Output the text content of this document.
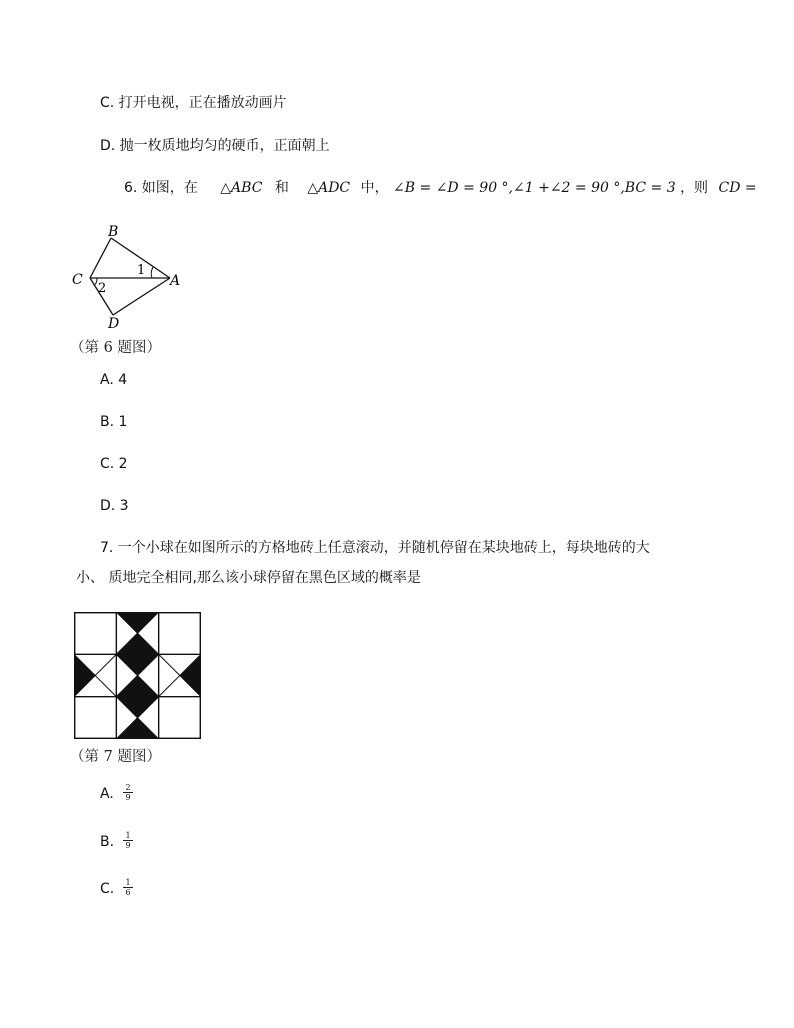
C. 打开电视，正在播放动画片
D. 抛一枚质地均匀的硬币，正面朝上
6. 如图，在 △ABC 和 △ADC 中， ∠B = ∠D = 90 °,∠1 +∠2 = 90 °,BC = 3 ，则 CD =
B
C	A
D
1
2
（第 6 题图）
A. 4
B. 1
C. 2
D. 3
7. 一个小球在如图所示的方格地砖上任意滚动，并随机停留在某块地砖上，每块地砖的大
小、 质地完全相同,那么该小球停留在黑色区域的概率是
（第 7 题图）
A.	2
9
B.	1
9
C.	1
6
